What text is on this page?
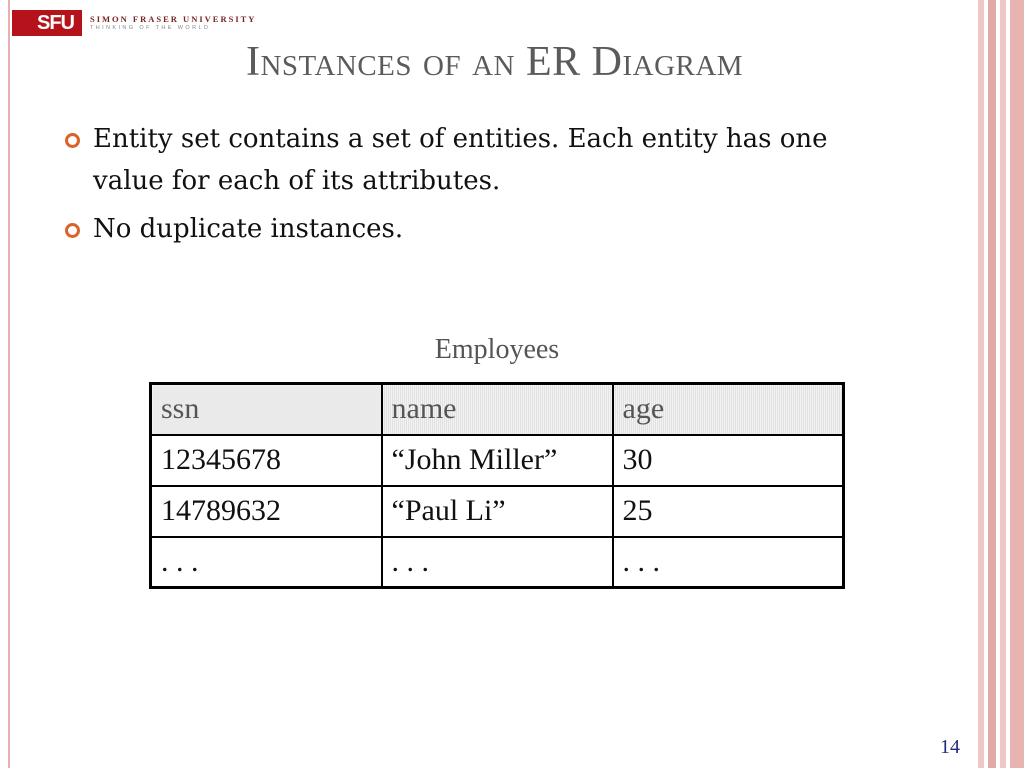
SFU	SIMON FRASER UNIVERSITY
THINKING OF THE WORLD
Instances of an ER Diagram
Entity set contains a set of entities. Each entity has one value for each of its attributes.
No duplicate instances.
Employees
ssn	name	age
12345678	“John Miller”	30
14789632	“Paul Li”	25
. . .	. . .	. . .
14
